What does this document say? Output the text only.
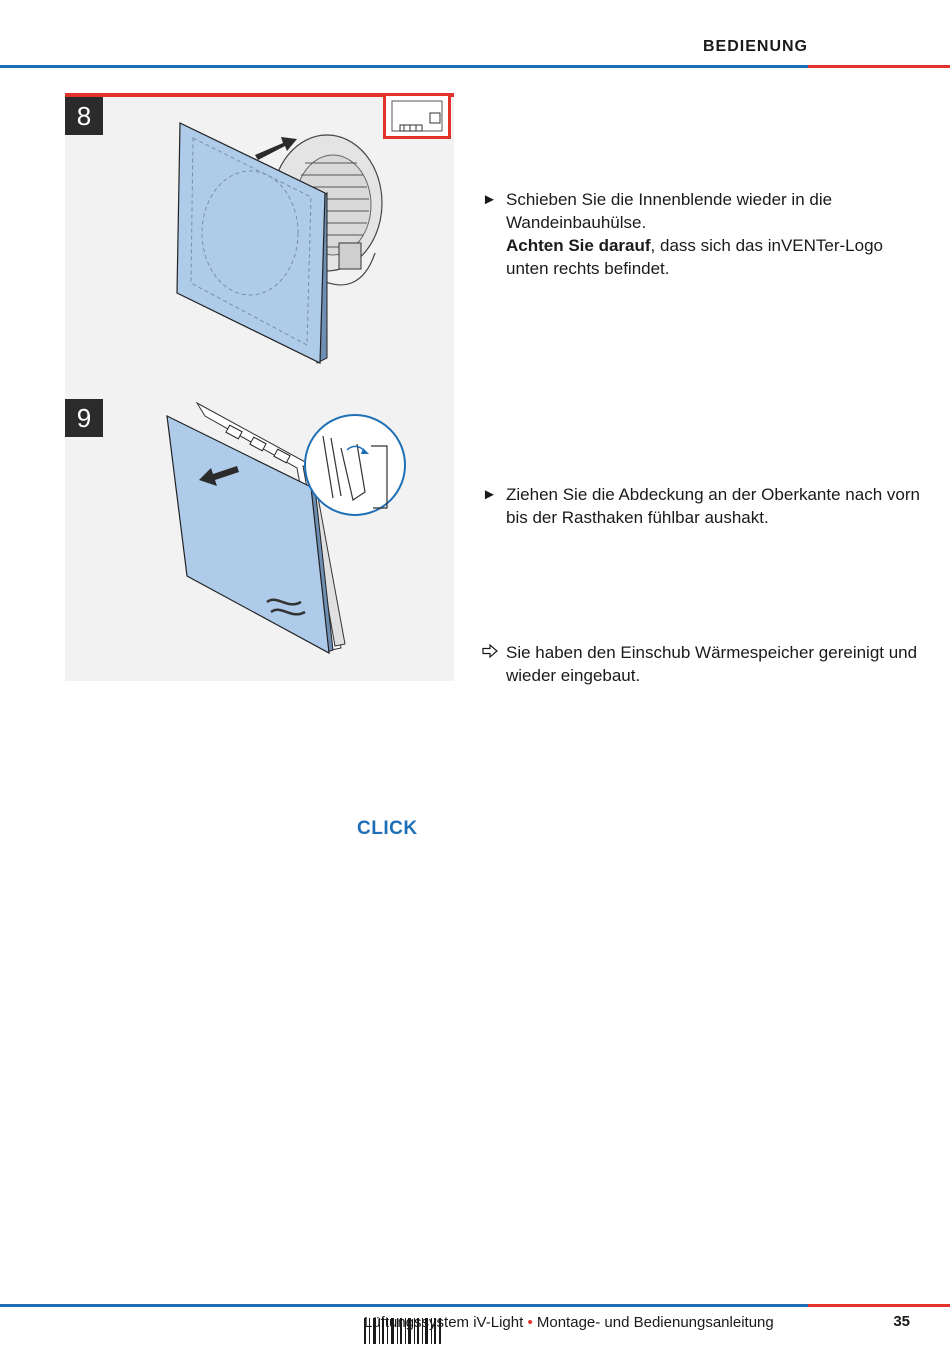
BEDIENUNG
8
9
CLICK
► Schieben Sie die Innenblende wieder in die Wandeinbauhülse.
Achten Sie darauf, dass sich das inVENTer-Logo unten rechts befindet.
► Ziehen Sie die Abdeckung an der Oberkante nach vorn bis der Rasthaken fühlbar aushakt.
Sie haben den Einschub Wärmespeicher gereinigt und wieder eingebaut.
Lüftungssystem iV-Light • Montage- und Bedienungsanleitung	35
